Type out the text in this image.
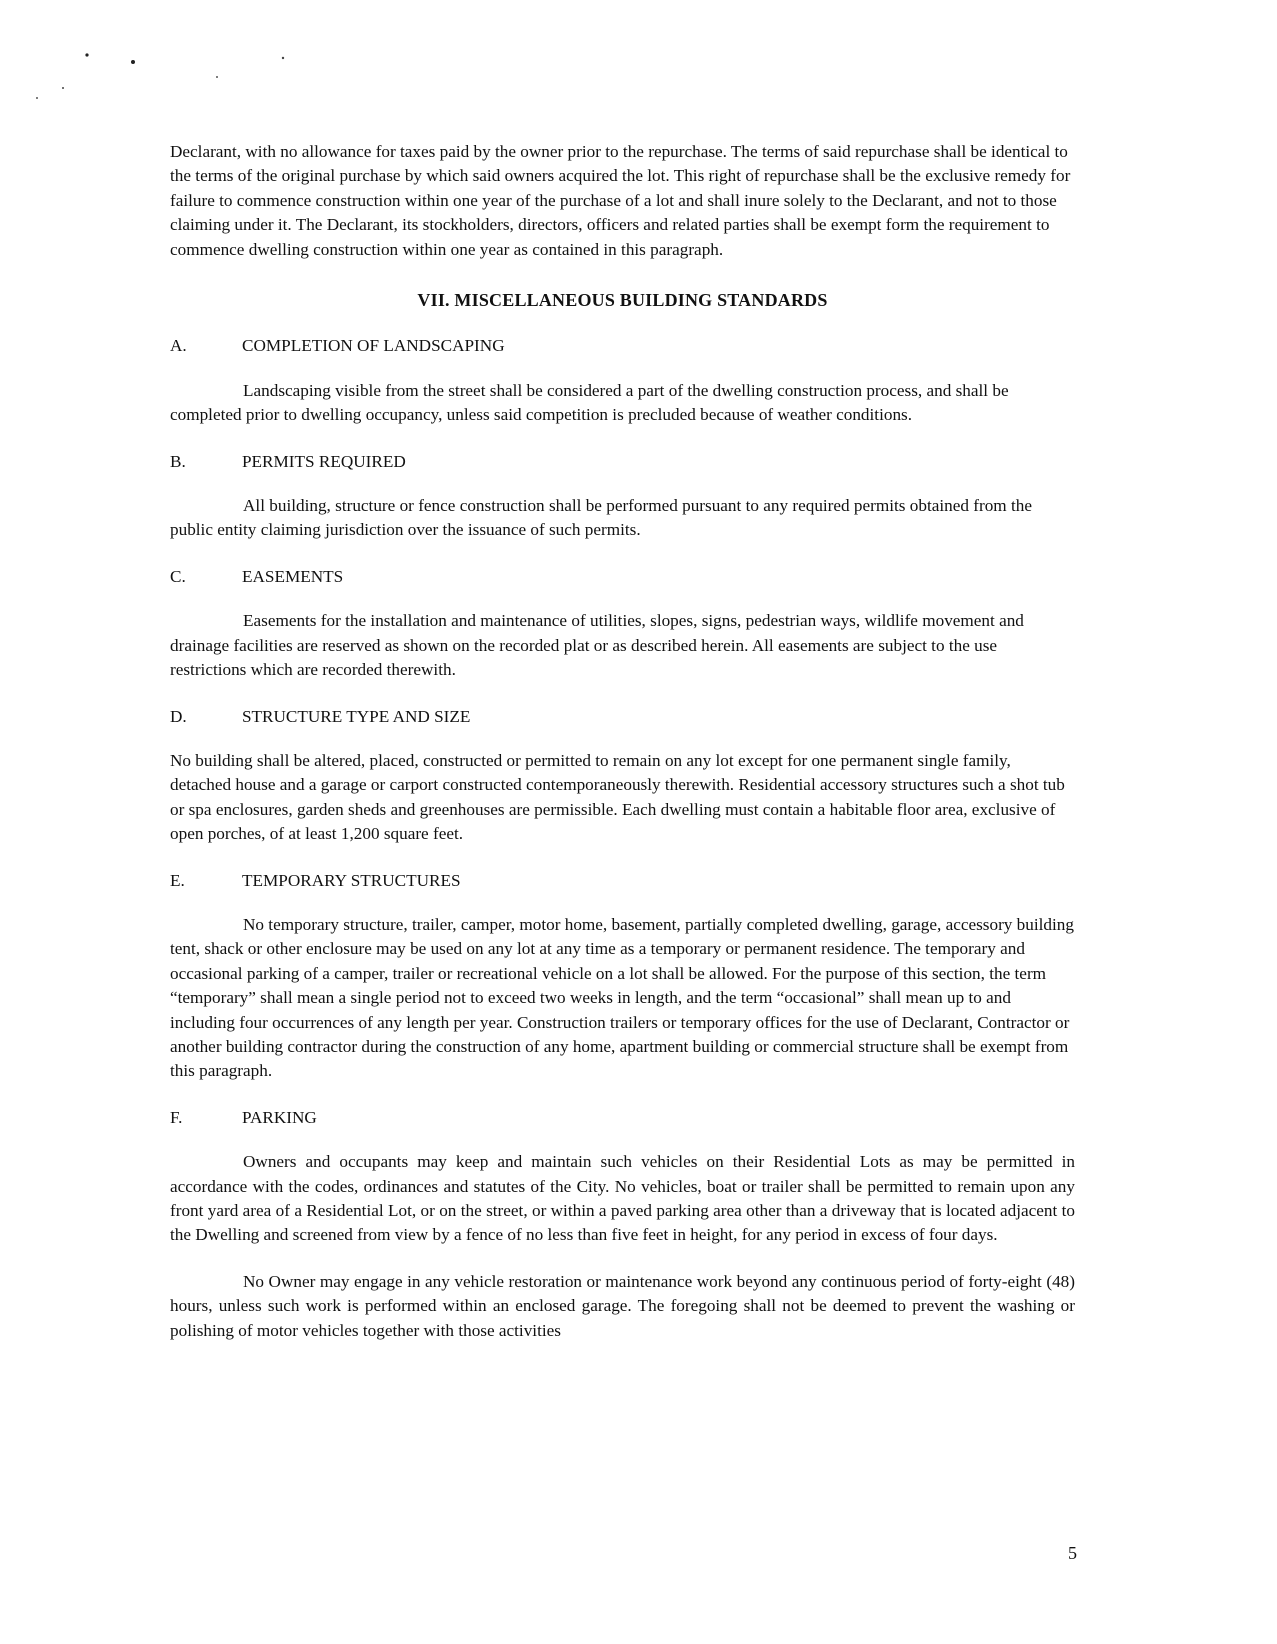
Declarant, with no allowance for taxes paid by the owner prior to the repurchase. The terms of said repurchase shall be identical to the terms of the original purchase by which said owners acquired the lot. This right of repurchase shall be the exclusive remedy for failure to commence construction within one year of the purchase of a lot and shall inure solely to the Declarant, and not to those claiming under it. The Declarant, its stockholders, directors, officers and related parties shall be exempt form the requirement to commence dwelling construction within one year as contained in this paragraph.

VII. MISCELLANEOUS BUILDING STANDARDS

A.	COMPLETION OF LANDSCAPING

Landscaping visible from the street shall be considered a part of the dwelling construction process, and shall be completed prior to dwelling occupancy, unless said competition is precluded because of weather conditions.

B.	PERMITS REQUIRED

All building, structure or fence construction shall be performed pursuant to any required permits obtained from the public entity claiming jurisdiction over the issuance of such permits.

C.	EASEMENTS

Easements for the installation and maintenance of utilities, slopes, signs, pedestrian ways, wildlife movement and drainage facilities are reserved as shown on the recorded plat or as described herein. All easements are subject to the use restrictions which are recorded therewith.

D.	STRUCTURE TYPE AND SIZE

No building shall be altered, placed, constructed or permitted to remain on any lot except for one permanent single family, detached house and a garage or carport constructed contemporaneously therewith. Residential accessory structures such a shot tub or spa enclosures, garden sheds and greenhouses are permissible. Each dwelling must contain a habitable floor area, exclusive of open porches, of at least 1,200 square feet.

E.	TEMPORARY STRUCTURES

No temporary structure, trailer, camper, motor home, basement, partially completed dwelling, garage, accessory building tent, shack or other enclosure may be used on any lot at any time as a temporary or permanent residence. The temporary and occasional parking of a camper, trailer or recreational vehicle on a lot shall be allowed. For the purpose of this section, the term “temporary” shall mean a single period not to exceed two weeks in length, and the term “occasional” shall mean up to and including four occurrences of any length per year. Construction trailers or temporary offices for the use of Declarant, Contractor or another building contractor during the construction of any home, apartment building or commercial structure shall be exempt from this paragraph.

F.	PARKING

Owners and occupants may keep and maintain such vehicles on their Residential Lots as may be permitted in accordance with the codes, ordinances and statutes of the City. No vehicles, boat or trailer shall be permitted to remain upon any front yard area of a Residential Lot, or on the street, or within a paved parking area other than a driveway that is located adjacent to the Dwelling and screened from view by a fence of no less than five feet in height, for any period in excess of four days.

No Owner may engage in any vehicle restoration or maintenance work beyond any continuous period of forty-eight (48) hours, unless such work is performed within an enclosed garage. The foregoing shall not be deemed to prevent the washing or polishing of motor vehicles together with those activities

5
